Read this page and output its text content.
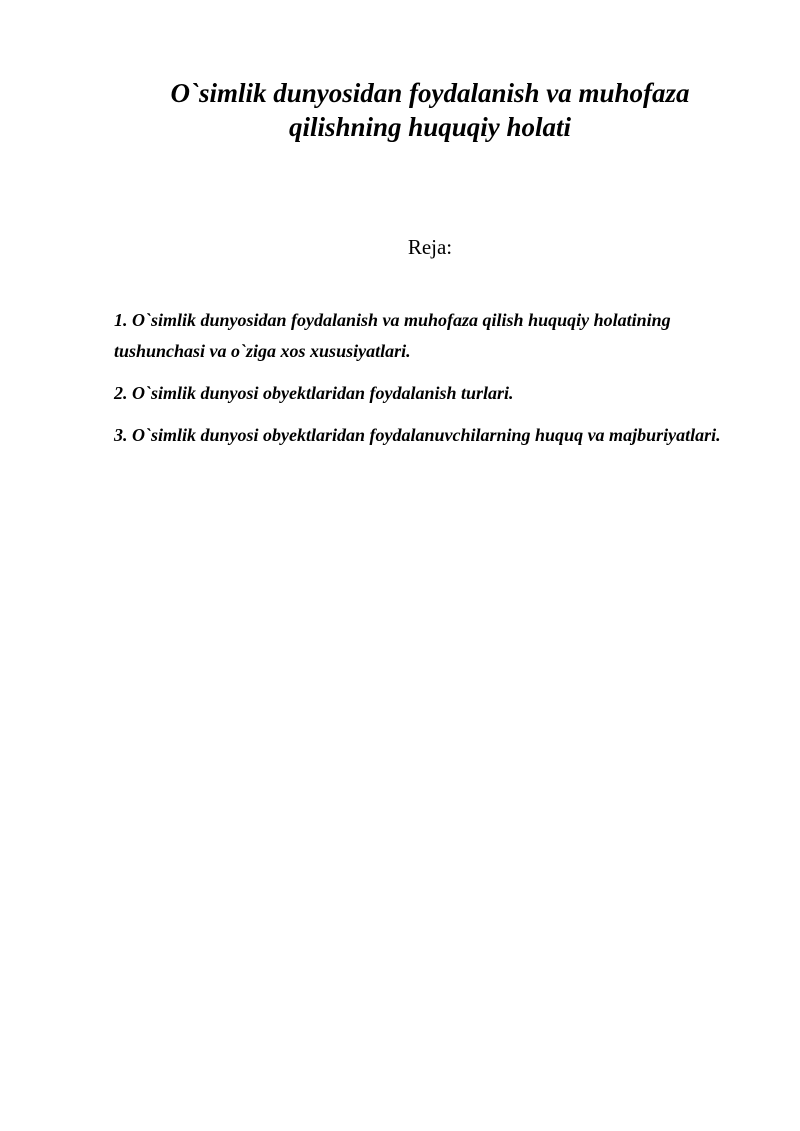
O`simlik dunyosidan foydalanish va muhofaza
qilishning huquqiy holati
Reja:
1. O`simlik dunyosidan foydalanish va muhofaza qilish huquqiy holatining tushunchasi va o`ziga xos xususiyatlari.
2. O`simlik dunyosi obyektlaridan foydalanish turlari.
3. O`simlik dunyosi obyektlaridan foydalanuvchilarning huquq va majburiyatlari.
